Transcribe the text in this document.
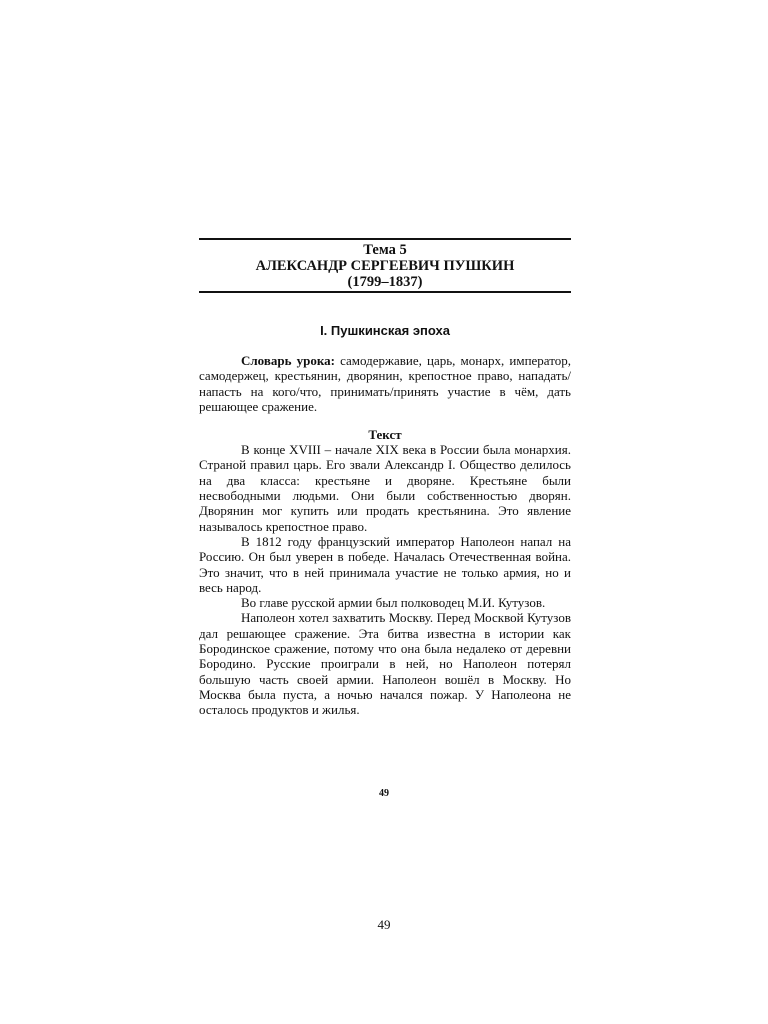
Тема 5
АЛЕКСАНДР СЕРГЕЕВИЧ ПУШКИН
(1799–1837)
I. Пушкинская эпоха

Словарь урока: самодержавие, царь, монарх, император, самодержец, крестьянин, дворянин, крепостное право, нападать/напасть на кого/что, принимать/принять участие в чём, дать решающее сражение.

Текст

В конце XVIII – начале XIX века в России была монархия. Страной правил царь. Его звали Александр I. Общество делилось на два класса: крестьяне и дворяне. Крестьяне были несвободными людьми. Они были собственностью дворян. Дворянин мог купить или продать крестьянина. Это явление называлось крепостное право.

В 1812 году французский император Наполеон напал на Россию. Он был уверен в победе. Началась Отечественная война. Это значит, что в ней принимала участие не только армия, но и весь народ.

Во главе русской армии был полководец М.И. Кутузов.

Наполеон хотел захватить Москву. Перед Москвой Кутузов дал решающее сражение. Эта битва известна в истории как Бородинское сражение, потому что она была недалеко от деревни Бородино. Русские проиграли в ней, но Наполеон потерял большую часть своей армии. Наполеон вошёл в Москву. Но Москва была пуста, а ночью начался пожар. У Наполеона не осталось продуктов и жилья.

49
49
